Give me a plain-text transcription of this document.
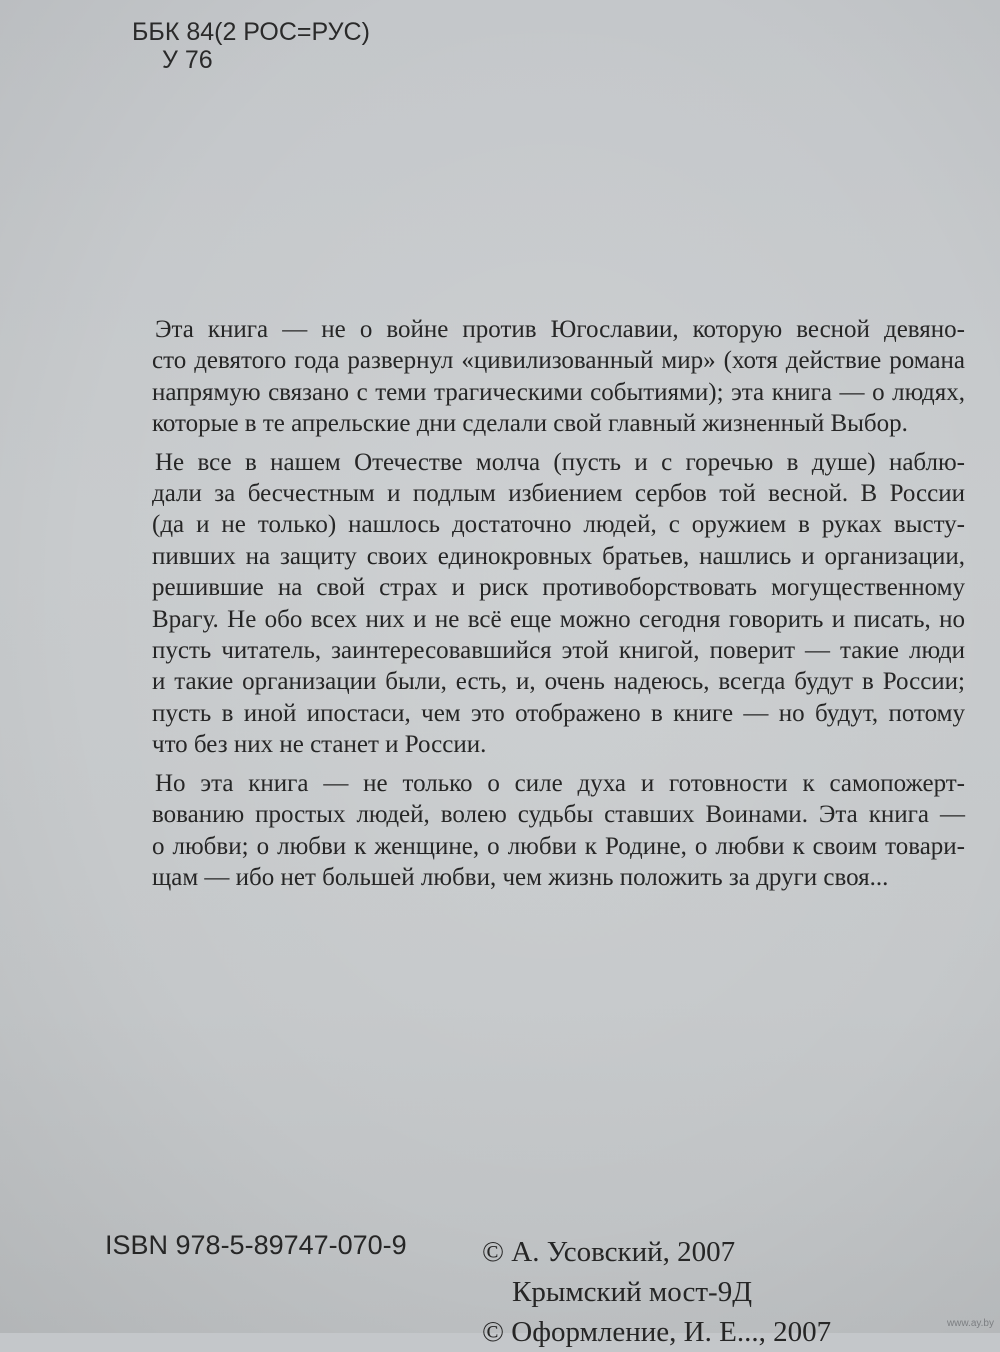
ББК 84(2 РОС=РУС)
У 76

Эта книга — не о войне против Югославии, которую весной девяно-
сто девятого года развернул «цивилизованный мир» (хотя действие романа
напрямую связано с теми трагическими событиями); эта книга — о людях,
которые в те апрельские дни сделали свой главный жизненный Выбор.

Не все в нашем Отечестве молча (пусть и с горечью в душе) наблю-
дали за бесчестным и подлым избиением сербов той весной. В России
(да и не только) нашлось достаточно людей, с оружием в руках высту-
пивших на защиту своих единокровных братьев, нашлись и организации,
решившие на свой страх и риск противоборствовать могущественному
Врагу. Не обо всех них и не всё еще можно сегодня говорить и писать, но
пусть читатель, заинтересовавшийся этой книгой, поверит — такие люди
и такие организации были, есть, и, очень надеюсь, всегда будут в России;
пусть в иной ипостаси, чем это отображено в книге — но будут, потому
что без них не станет и России.

Но эта книга — не только о силе духа и готовности к самопожерт-
вованию простых людей, волею судьбы ставших Воинами. Эта книга —
о любви; о любви к женщине, о любви к Родине, о любви к своим товари-
щам — ибо нет большей любви, чем жизнь положить за други своя...

ISBN 978-5-89747-070-9	© А. Усовский, 2007

Крымский мост-9Д
© Оформление, И. Е..., 2007	www.ay.by
